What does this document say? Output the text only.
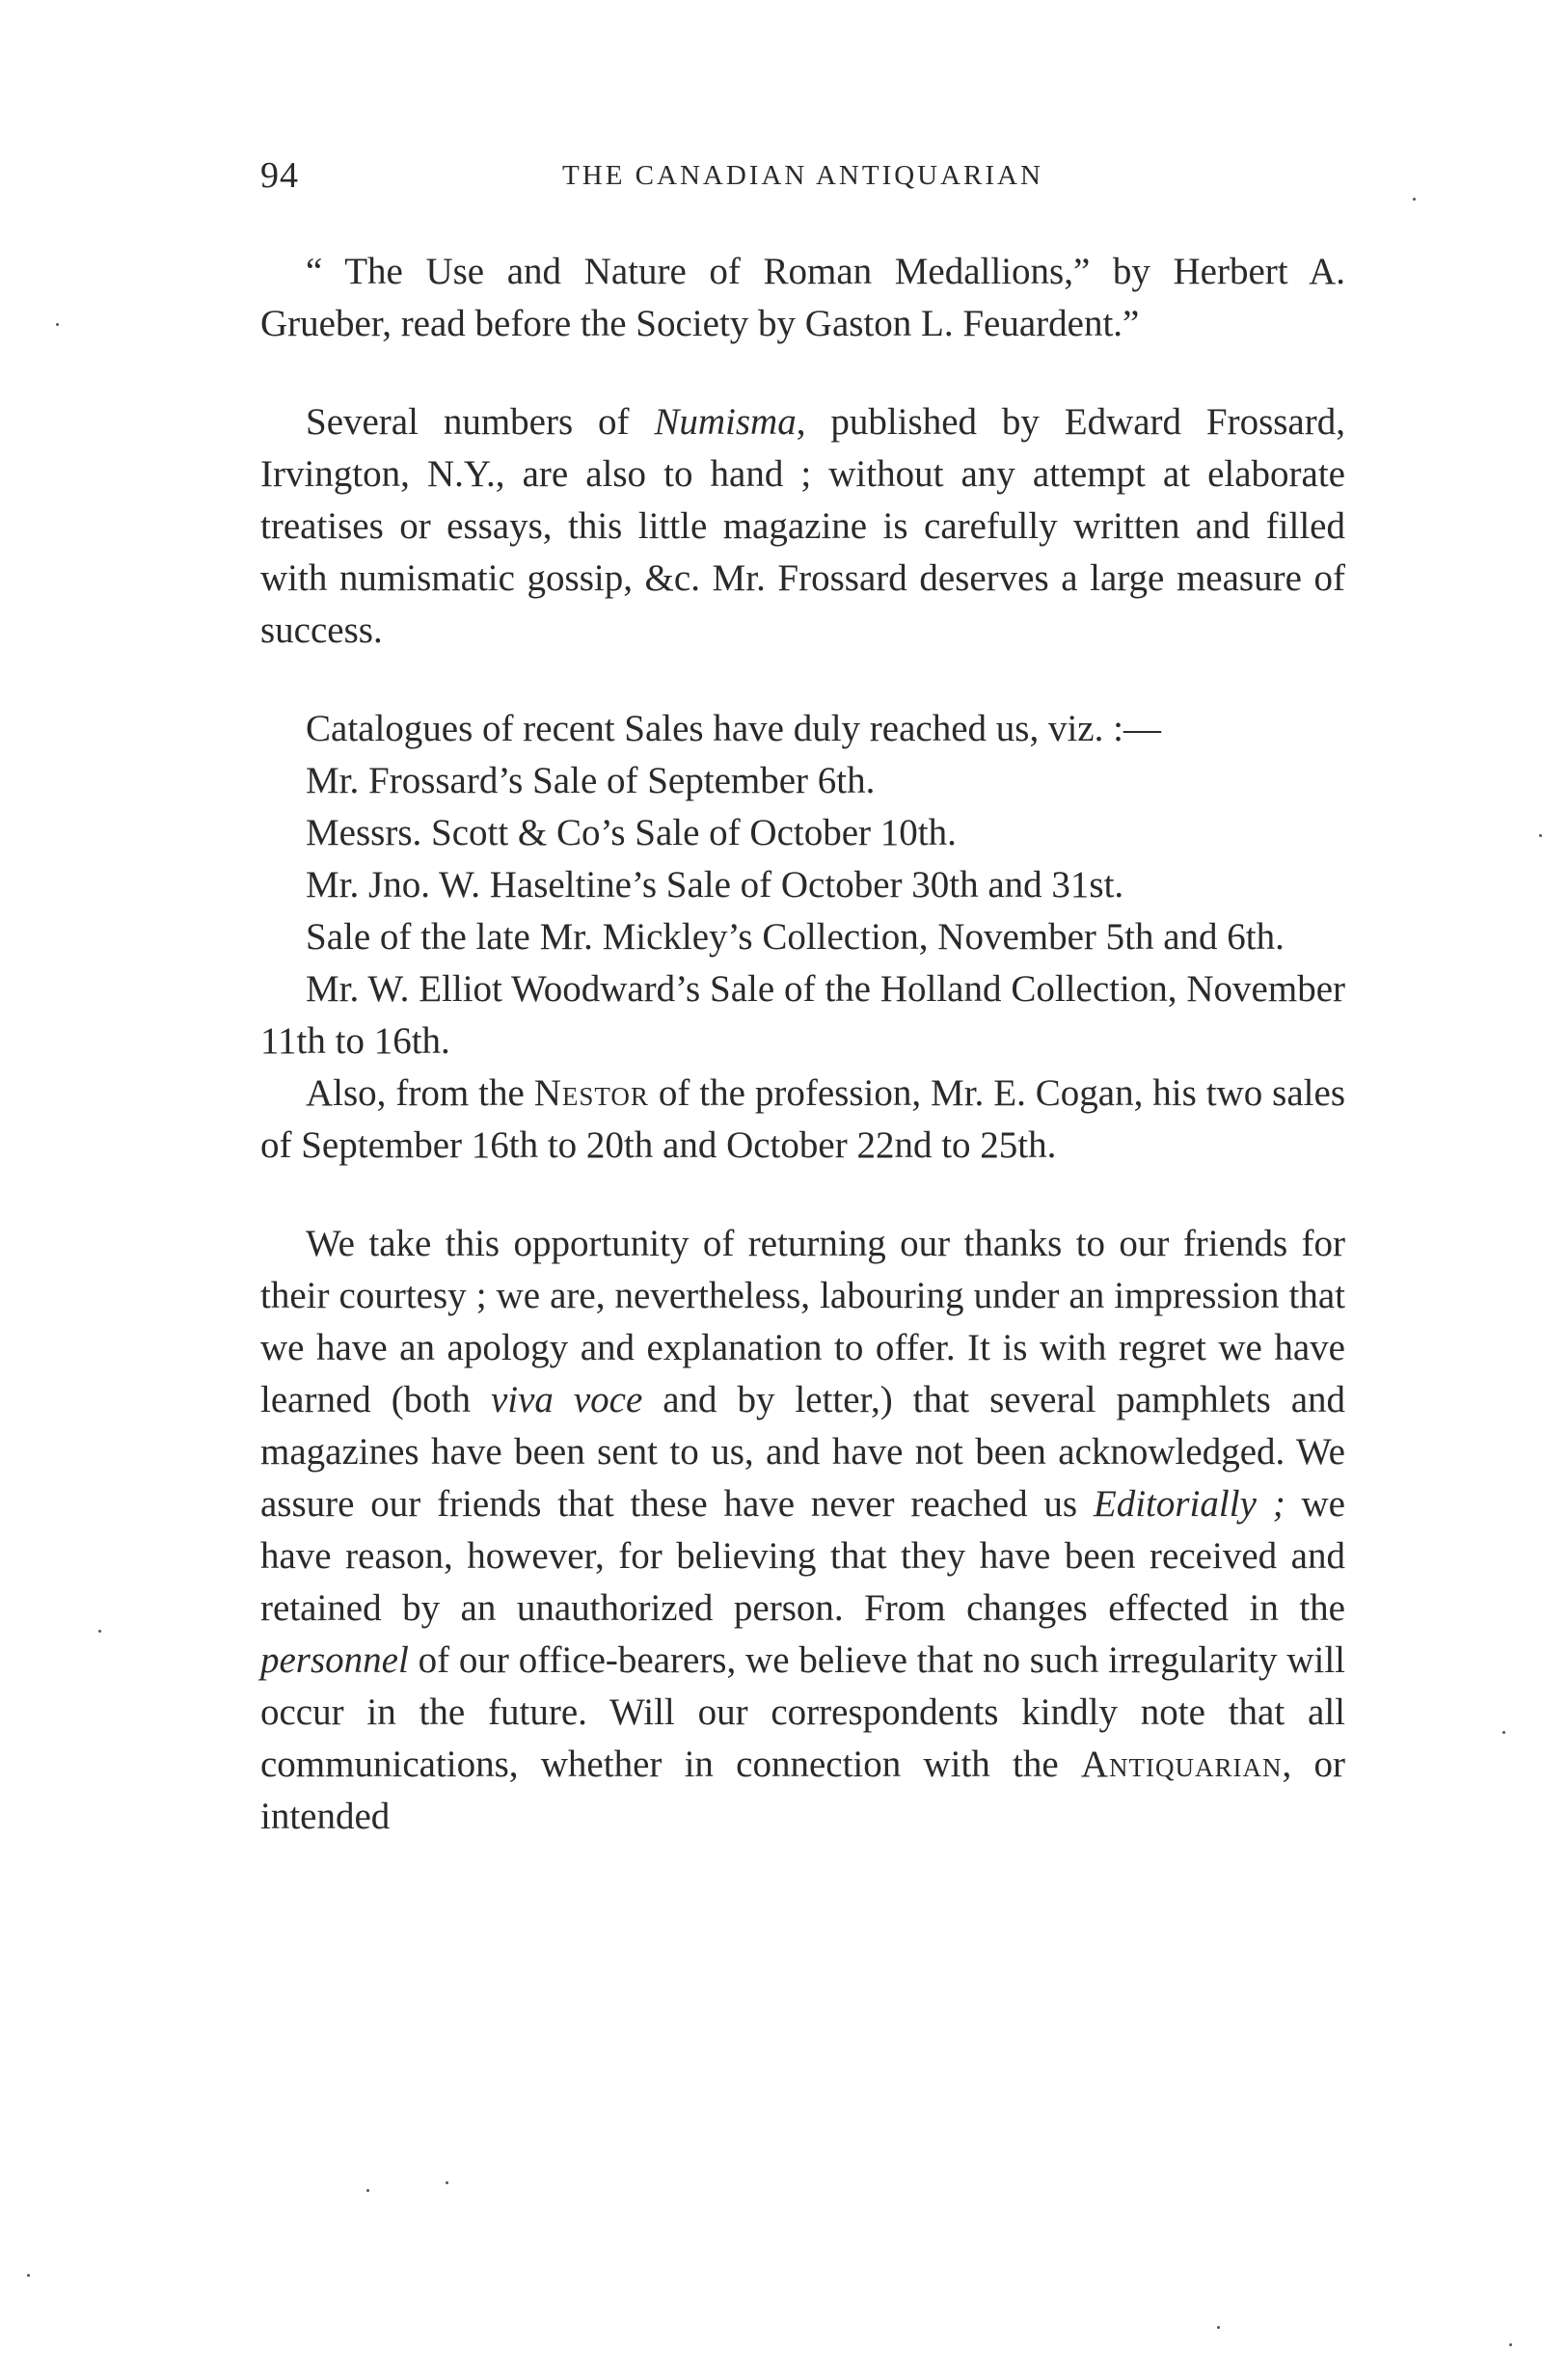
94	THE CANADIAN ANTIQUARIAN

“ The Use and Nature of Roman Medallions,” by Herbert A. Grueber, read before the Society by Gaston L. Feuardent.”

Several numbers of Numisma, published by Edward Frossard, Irvington, N.Y., are also to hand ; without any attempt at elaborate treatises or essays, this little magazine is carefully written and filled with numismatic gossip, &c. Mr. Frossard deserves a large measure of success.

Catalogues of recent Sales have duly reached us, viz. :—

Mr. Frossard’s Sale of September 6th.

Messrs. Scott & Co’s Sale of October 10th.

Mr. Jno. W. Haseltine’s Sale of October 30th and 31st.

Sale of the late Mr. Mickley’s Collection, November 5th and 6th.

Mr. W. Elliot Woodward’s Sale of the Holland Collection, November 11th to 16th.

Also, from the Nestor of the profession, Mr. E. Cogan, his two sales of September 16th to 20th and October 22nd to 25th.

We take this opportunity of returning our thanks to our friends for their courtesy ; we are, nevertheless, labouring under an impression that we have an apology and explanation to offer. It is with regret we have learned (both viva voce and by letter,) that several pamphlets and magazines have been sent to us, and have not been acknowledged. We assure our friends that these have never reached us Editorially ; we have reason, however, for believing that they have been received and retained by an unauthorized person. From changes effected in the personnel of our office-bearers, we believe that no such irregularity will occur in the future. Will our correspondents kindly note that all communications, whether in connection with the Antiquarian, or intended
